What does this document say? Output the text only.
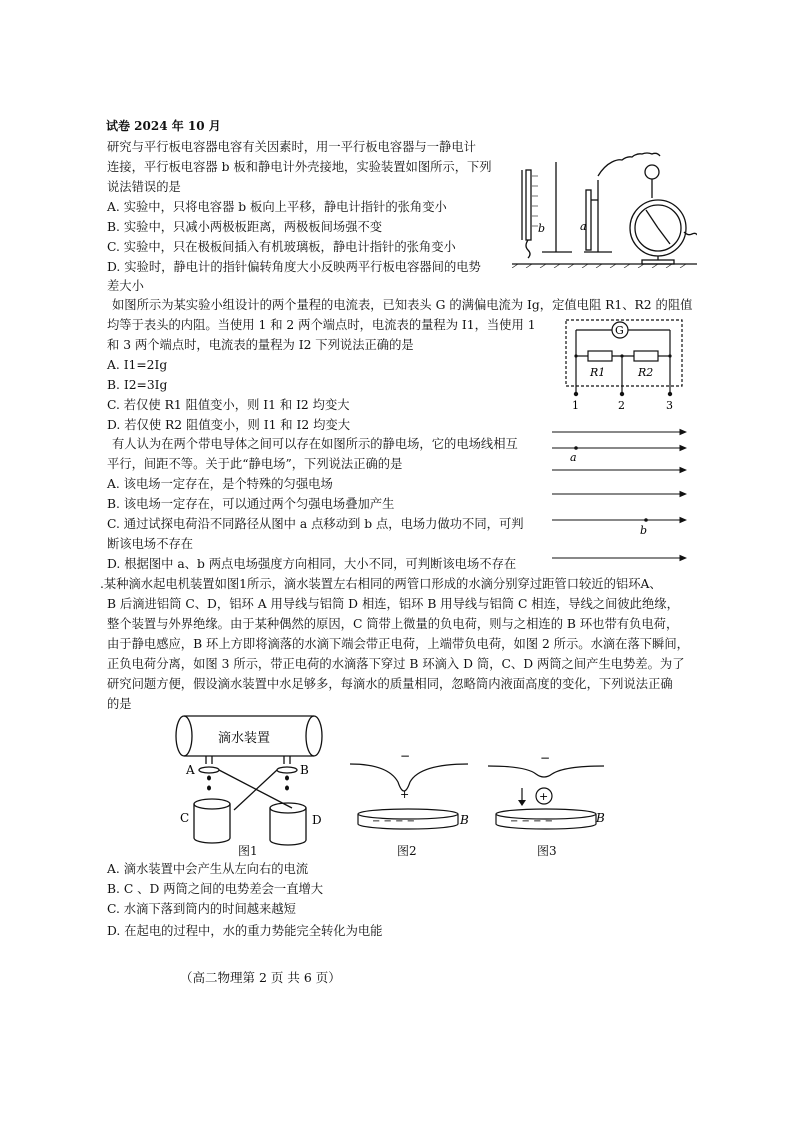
试卷 2024 年 10 月
研究与平行板电容器电容有关因素时，用一平行板电容器与一静电计
连接，平行板电容器 b 板和静电计外壳接地，实验装置如图所示，下列
说法错误的是
A. 实验中，只将电容器 b 板向上平移，静电计指针的张角变小
B. 实验中，只减小两极板距离，两极板间场强不变
C. 实验中，只在极板间插入有机玻璃板，静电计指针的张角变小
D. 实验时，静电计的指针偏转角度大小反映两平行板电容器间的电势
差大小
b	a
如图所示为某实验小组设计的两个量程的电流表，已知表头 G 的满偏电流为 Ig，定值电阻 R1、R2 的阻值
均等于表头的内阻。当使用 1 和 2 两个端点时，电流表的量程为 I1，当使用 1
和 3 两个端点时，电流表的量程为 I2 下列说法正确的是
A. I1=2Ig
B. I2=3Ig
C. 若仅使 R1 阻值变小，则 I1 和 I2 均变大
D. 若仅使 R2 阻值变小，则 I1 和 I2 均变大
G
R1	R2
1	2	3
有人认为在两个带电导体之间可以存在如图所示的静电场，它的电场线相互
平行，间距不等。关于此“静电场”，下列说法正确的是
A. 该电场一定存在，是个特殊的匀强电场
B. 该电场一定存在，可以通过两个匀强电场叠加产生
C. 通过试探电荷沿不同路径从图中 a 点移动到 b 点，电场力做功不同，可判
断该电场不存在
D. 根据图中 a、b 两点电场强度方向相同，大小不同，可判断该电场不存在
a
b
.某种滴水起电机装置如图1所示，滴水装置左右相同的两管口形成的水滴分别穿过距管口较近的铝环A、
B 后滴进铝筒 C、D，铝环 A 用导线与铝筒 D 相连，铝环 B 用导线与铝筒 C 相连，导线之间彼此绝缘，
整个装置与外界绝缘。由于某种偶然的原因，C 筒带上微量的负电荷，则与之相连的 B 环也带有负电荷，
由于静电感应，B 环上方即将滴落的水滴下端会带正电荷，上端带负电荷，如图 2 所示。水滴在落下瞬间，
正负电荷分离，如图 3 所示，带正电荷的水滴落下穿过 B 环滴入 D 筒，C、D 两筒之间产生电势差。为了
研究问题方便，假设滴水装置中水足够多，每滴水的质量相同，忽略筒内液面高度的变化，下列说法正确
的是
滴水装置
A	B
C	D
图1
−
+
− − − −	B
图2
−
+
− − − −	B
图3
A. 滴水装置中会产生从左向右的电流
B. C 、D 两筒之间的电势差会一直增大
C. 水滴下落到筒内的时间越来越短
D. 在起电的过程中，水的重力势能完全转化为电能
（高二物理第 2 页 共 6 页）
